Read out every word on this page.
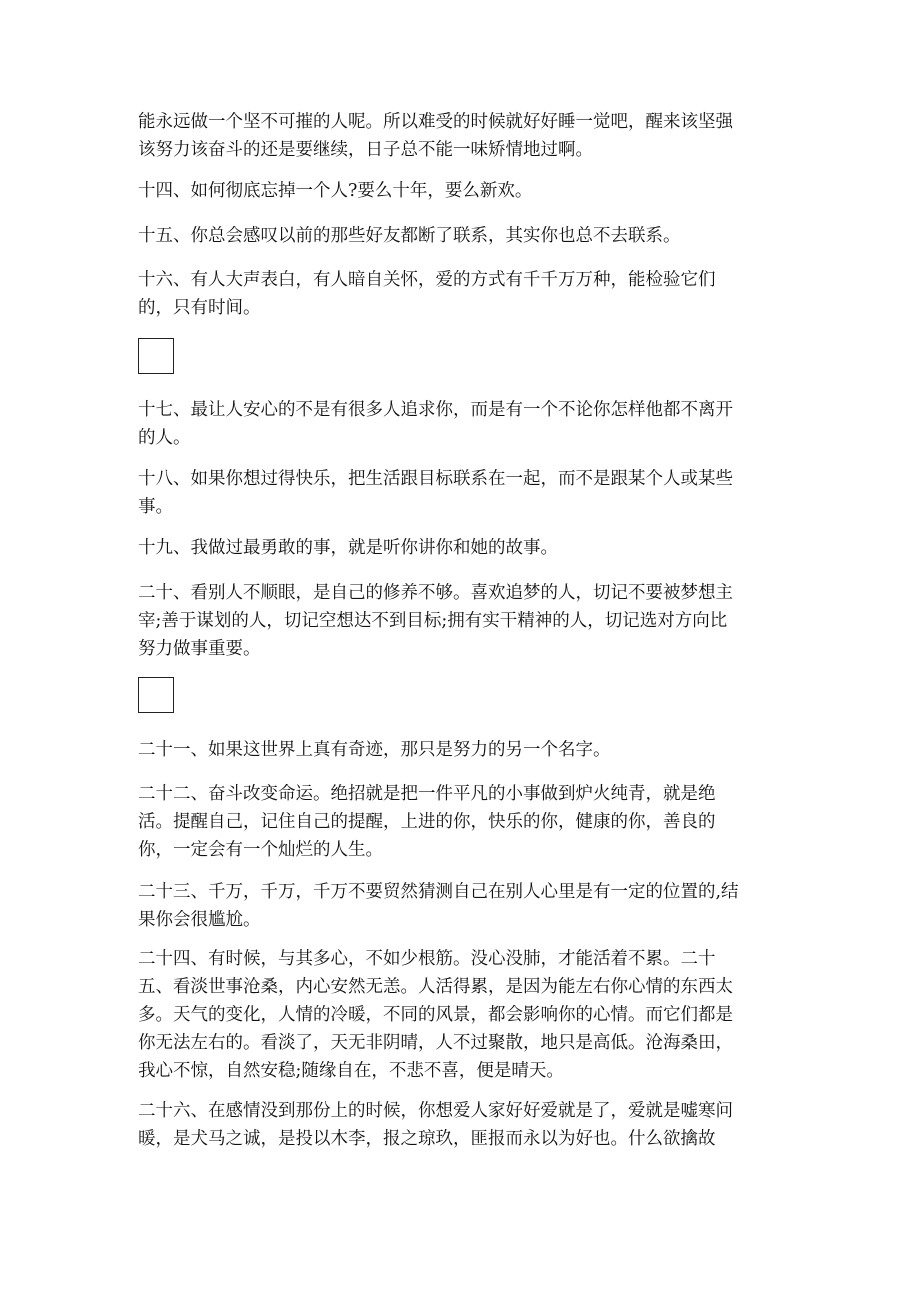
能永远做一个坚不可摧的人呢。所以难受的时候就好好睡一觉吧，醒来该坚强
该努力该奋斗的还是要继续，日子总不能一味矫情地过啊。
十四、如何彻底忘掉一个人?要么十年，要么新欢。
十五、你总会感叹以前的那些好友都断了联系，其实你也总不去联系。
十六、有人大声表白，有人暗自关怀，爱的方式有千千万万种，能检验它们
的，只有时间。
十七、最让人安心的不是有很多人追求你，而是有一个不论你怎样他都不离开
的人。
十八、如果你想过得快乐，把生活跟目标联系在一起，而不是跟某个人或某些
事。
十九、我做过最勇敢的事，就是听你讲你和她的故事。
二十、看别人不顺眼，是自己的修养不够。喜欢追梦的人，切记不要被梦想主
宰;善于谋划的人，切记空想达不到目标;拥有实干精神的人，切记选对方向比
努力做事重要。
二十一、如果这世界上真有奇迹，那只是努力的另一个名字。
二十二、奋斗改变命运。绝招就是把一件平凡的小事做到炉火纯青，就是绝
活。提醒自己，记住自己的提醒，上进的你，快乐的你，健康的你，善良的
你，一定会有一个灿烂的人生。
二十三、千万，千万，千万不要贸然猜测自己在别人心里是有一定的位置的,结
果你会很尴尬。
二十四、有时候，与其多心，不如少根筋。没心没肺，才能活着不累。二十
五、看淡世事沧桑，内心安然无恙。人活得累，是因为能左右你心情的东西太
多。天气的变化，人情的冷暖，不同的风景，都会影响你的心情。而它们都是
你无法左右的。看淡了，天无非阴晴，人不过聚散，地只是高低。沧海桑田，
我心不惊，自然安稳;随缘自在，不悲不喜，便是晴天。
二十六、在感情没到那份上的时候，你想爱人家好好爱就是了，爱就是嘘寒问
暖，是犬马之诚，是投以木李，报之琼玖，匪报而永以为好也。什么欲擒故
